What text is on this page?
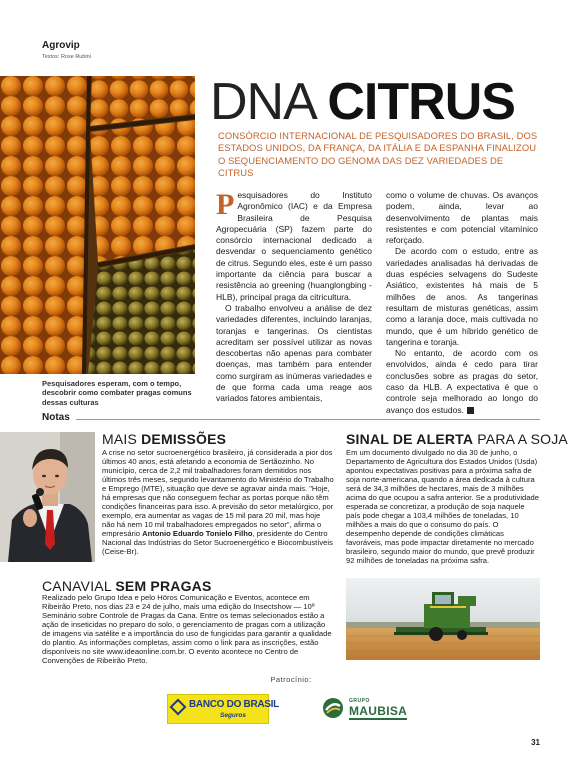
Agrovip
Textos: Rose Rubini
Pesquisadores esperam, com o tempo, descobrir como combater pragas comuns dessas culturas
DNA CITRUS
CONSÓRCIO INTERNACIONAL DE PESQUISADORES DO BRASIL, DOS ESTADOS UNIDOS, DA FRANÇA, DA ITÁLIA E DA ESPANHA FINALIZOU O SEQUENCIAMENTO DO GENOMA DAS DEZ VARIEDADES DE CITRUS

Pesquisadores do Instituto Agronômico (IAC) e da Empresa Brasileira de Pesquisa Agropecuária (SP) fazem parte do consórcio internacional dedicado a desvendar o sequenciamento genético de citrus. Segundo eles, este é um passo importante da ciência para buscar a resistência ao greening (huanglongbing - HLB), principal praga da citricultura.

O trabalho envolveu a análise de dez variedades diferentes, incluindo laranjas, toranjas e tangerinas. Os cientistas acreditam ser possível utilizar as novas descobertas não apenas para combater doenças, mas também para entender como surgiram as inúmeras variedades e de que forma cada uma reage aos variados fatores ambientais,

como o volume de chuvas. Os avanços podem, ainda, levar ao desenvolvimento de plantas mais resistentes e com potencial vitamínico reforçado.

De acordo com o estudo, entre as variedades analisadas há derivadas de duas espécies selvagens do Sudeste Asiático, existentes há mais de 5 milhões de anos. As tangerinas resultam de misturas genéticas, assim como a laranja doce, mais cultivada no mundo, que é um híbrido genético de tangerina e toranja.

No entanto, de acordo com os envolvidos, ainda é cedo para tirar conclusões sobre as pragas do setor, caso da HLB. A expectativa é que o controle seja melhorado ao longo do avanço dos estudos.

Notas
MAIS DEMISSÕES
A crise no setor sucroenergético brasileiro, já considerada a pior dos últimos 40 anos, está afetando a economia de Sertãozinho. No município, cerca de 2,2 mil trabalhadores foram demitidos nos últimos três meses, segundo levantamento do Ministério do Trabalho e Emprego (MTE), situação que deve se agravar ainda mais. "Hoje, há empresas que não conseguem fechar as portas porque não têm condições financeiras para isso. A previsão do setor metalúrgico, por exemplo, era aumentar as vagas de 15 mil para 20 mil, mas hoje não há nem 10 mil trabalhadores empregados no setor", afirma o empresário Antonio Eduardo Tonielo Filho, presidente do Centro Nacional das Indústrias do Setor Sucroenergético e Biocombustíveis (Ceise-Br).
SINAL DE ALERTA PARA A SOJA
Em um documento divulgado no dia 30 de junho, o Departamento de Agricultura dos Estados Unidos (Usda) apontou expectativas positivas para a próxima safra de soja norte-americana, quando a área dedicada à cultura será de 34,3 milhões de hectares, mais de 3 milhões acima do que ocupou a safra anterior. Se a produtividade esperada se concretizar, a produção de soja naquele país pode chegar a 103,4 milhões de toneladas, 10 milhões a mais do que o consumo do país. O desempenho depende de condições climáticas favoráveis, mas pode impactar diretamente no mercado brasileiro, segundo maior do mundo, que prevê produzir 92 milhões de toneladas na próxima safra.
CANAVIAL SEM PRAGAS
Realizado pelo Grupo Idea e pelo Höros Comunicação e Eventos, acontece em Ribeirão Preto, nos dias 23 e 24 de julho, mais uma edição do Insectshow — 10º Seminário sobre Controle de Pragas da Cana. Entre os temas selecionados estão a ação de inseticidas no preparo do solo, o gerenciamento de pragas com a utilização de imagens via satélite e a importância do uso de fungicidas para garantir a qualidade do plantio. As informações completas, assim como o link para as inscrições, estão disponíveis no site www.ideaonline.com.br. O evento acontece no Centro de Convenções de Ribeirão Preto.
Patrocínio:
BANCO DO BRASIL
Seguros
GRUPO
MAUBISA
31
